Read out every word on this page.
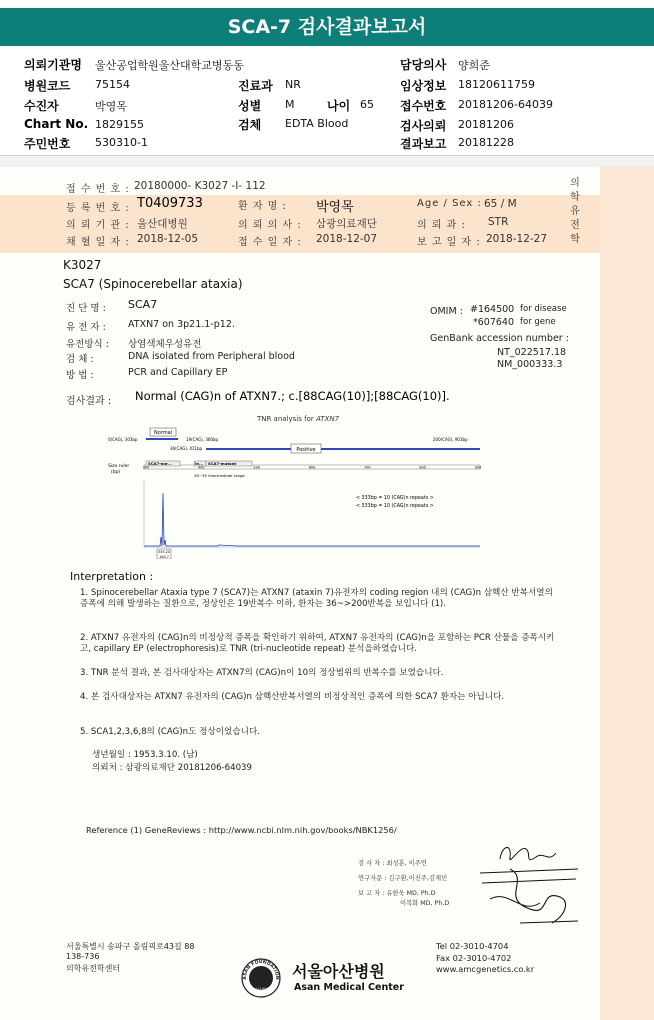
SCA-7 검사결과보고서
의뢰기관명 울산공업학원울산대학교병동동	담당의사 양희준
병원코드 75154	진료과 NR	임상정보 18120611759
수진자	박영목	성별 M	나이 65 접수번호 20181206-64039
Chart No. 1829155	검체 EDTA Blood	검사의뢰 20181206
주민번호 530310-1	결과보고 20181228
의
학
유
전
학
접 수 번 호 : 20180000- K3027 -I- 112
등 록 번 호 : T0409733	환 자 명 : 박영목	Age / Sex : 65 / M
의 뢰 기 관 : 울산대병원	의 뢰 의 사 : 삼광의료재단	의 뢰 과 : STR
채 혈 일 자 : 2018-12-05	접 수 일 자 : 2018-12-07	보 고 일 자 : 2018-12-27
K3027
SCA7 (Spinocerebellar ataxia)
진 단 명 : SCA7
유 전 자 : ATXN7 on 3p21.1-p12.
유전방식 : 상염색체우성유전
검 체 :	DNA isolated from Peripheral blood
방 법 :	PCR and Capillary EP
OMIM : #164500 for disease
*607640 for gene
GenBank accession number :
NT_022517.18
NM_000333.3
검사결과 : Normal (CAG)n of ATXN7.; c.[88CAG(10)];[88CAG(10)].
TNR analysis for ATXN7
Normal
0(CAG), 303bp	19(CAG), 360bp	200(CAG), 903bp
36(CAG), 411bp	Positive
Size ruler
(bp)
300	400	500	600	700	800	900
SCA7-nor...	In... SCA7-mutant
28~35 intermediate range
< 333bp = 10 (CAG)n repeats >
< 333bp = 10 (CAG)n repeats >
333.20
164.7
Interpretation :
1. Spinocerebellar Ataxia type 7 (SCA7)는 ATXN7 (ataxin 7)유전자의 coding region 내의 (CAG)n 삼핵산 반복서열의 증폭에 의해 발생하는 질환으로, 정상인은 19반복수 이하, 환자는 36~>200반복을 보입니다 (1).
2. ATXN7 유전자의 (CAG)n의 비정상적 증폭을 확인하기 위하여, ATXN7 유전자의 (CAG)n을 포함하는 PCR 산물을 증폭시키고, capillary EP (electrophoresis)로 TNR (tri-nucleotide repeat) 분석을하였습니다.
3. TNR 분석 결과, 본 검사대상자는 ATXN7의 (CAG)n이 10의 정상범위의 반복수를 보였습니다.
4. 본 검사대상자는 ATXN7 유전자의 (CAG)n 삼핵산반복서열의 비정상적인 증폭에 의한 SCA7 환자는 아닙니다.
5. SCA1,2,3,6,8의 (CAG)n도 정상이었습니다.
생년월일 : 1953.3.10. (남)
의뢰처 : 삼광의료재단 20181206-64039
Reference (1) GeneReviews : http://www.ncbi.nlm.nih.gov/books/NBK1256/
검 사 자 : 최성훈, 이주연
연구자문 : 김구환,이진주,김재민
보 고 자 : 유한욱 MD, Ph.D
이복화 MD, Ph.D
서울특별시 송파구 올림픽로43길 88
138-736
의학유전학센터
ASAN FOUNDATION
아산재단
서울아산병원
Asan Medical Center
Tel 02-3010-4704
Fax 02-3010-4702
www.amcgenetics.co.kr
